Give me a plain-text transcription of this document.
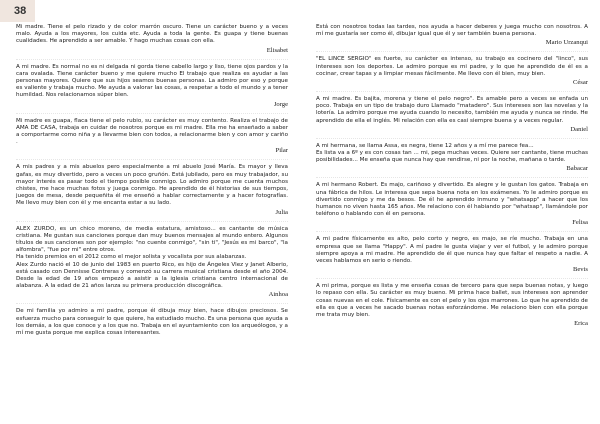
38

Mi madre. Tiene el pelo rizado y de color marrón oscuro. Tiene un carácter bueno y a veces malo. Ayuda a los mayores, los cuida etc. Ayuda a toda la gente. Es guapa y tiene buenas cualidades. He aprendido a ser amable. Y hago muchas cosas con ella.

Elisabet

A mi madre. Es normal no es ni delgada ni gorda tiene cabello largo y liso, tiene ojos pardos y la cara ovalada. Tiene carácter bueno y me quiere mucho El trabajo que realiza es ayudar a las personas mayores. Quiere que sus hijos seamos buenas personas. La admiro por eso y porque es valiente y trabaja mucho. Me ayuda a valorar las cosas, a respetar a todo el mundo y a tener humildad. Nos relacionamos súper bien.

Jorge

Mi madre es guapa, flaca tiene el pelo rubio, su carácter es muy contento. Realiza el trabajo de AMA DE CASA, trabaja en cuidar de nosotros porque es mi madre. Ella me ha enseñado a saber a comportarme como niña y a llevarme bien con todos, a relacionarme bien y con amor y cariño .

Pilar

A mis padres y a mis abuelos pero especialmente a mi abuelo José María. Es mayor y lleva gafas, es muy divertido, pero a veces un poco gruñón. Está jubilado, pero es muy trabajador, su mayor interés es pasar todo el tiempo posible conmigo. Lo admiro porque me cuenta muchos chistes, me hace muchas fotos y juega conmigo. He aprendido de él historias de sus tiempos, juegos de mesa, desde pequeñita él me enseñó a hablar correctamente y a hacer fotografías. Me llevo muy bien con él y me encanta estar a su lado.

Julia

ALEX ZURDO, es un chico moreno, de media estatura, amistoso... es cantante de música cristiana. Me gustan sus canciones porque dan muy buenos mensajes al mundo entero. Algunos títulos de sus canciones son por ejemplo: "no cuente conmigo", "sin ti", "Jesús es mi barco", "la alfombra", "fue por mi" entre otros.
Ha tenido premios en el 2012 como el mejor solista y vocalista por sus alabanzas.
Alex Zurdo nació el 10 de junio del 1983 en puerto Rico, es hijo de Ángeles Vlez y Janet Alberio, está casado con Dennisse Contreras y comenzó su carrera musical cristiana desde el año 2004. Desde la edad de 19 años empezó a asistir a la iglesia cristiana centro internacional de alabanza. A la edad de 21 años lanza su primera producción discográfica.

Ainhoa

De mi familia yo admiro a mi padre, porque él dibuja muy bien, hace dibujos preciosos. Se esfuerza mucho para conseguir lo que quiere, ha estudiado mucho. Es una persona que ayuda a los demás, a los que conoce y a los que no. Trabaja en el ayuntamiento con los arqueólogos, y a mí me gusta porque me explica cosas interesantes.

Está con nosotros todas las tardes, nos ayuda a hacer deberes y juega mucho con nosotros. A mí me gustaría ser como él, dibujar igual que él y ser también buena persona.

Mario Urzanqui

"EL LINCE SERGIO" es fuerte, su carácter es intenso, su trabajo es cocinero del "linco", sus intereses son los deportes. Le admiro porque es mi padre, y lo que he aprendido de él es a cocinar, crear tapas y a limpiar mesas fácilmente. Me llevo con él bien, muy bien.

César

A mi madre. Es bajita, morena y tiene el pelo negro". Es amable pero a veces se enfada un poco. Trabaja en un tipo de trabajo duro Llamado "matadero". Sus intereses son las novelas y la lotería. La admiro porque me ayuda cuando lo necesito, también me ayuda y nunca se rinde. He aprendido de ella el inglés. Mi relación con ella es casi siempre buena y a veces regular.

Daniel

A mi hermana, se llama Assa, es negra, tiene 12 años y a mí me parece fea...
Es lista va a 6º y es con cosas tan ... mi, pega muchas veces. Quiere ser cantante, tiene muchas posibilidades... Me enseña que nunca hay que rendirse, ni por la noche, mañana o tarde.

Babacar

A mi hermano Robert. Es majo, cariñoso y divertido. Es alegre y le gustan los gatos. Trabaja en una fábrica de hilos. Le interesa que sepa buena nota en los exámenes. Yo le admiro porque es divertido conmigo y me da besos. De él he aprendido inmuno y "whatsapp" a hacer que los humanos no viven hasta 165 años. Me relaciono con él habiando por "whatsap", llamándole por teléfono o hablando con él en persona.

Felisa

A mi padre físicamente es alto, pelo corto y negro, es majo, se ríe mucho. Trabaja en una empresa que se llama "Happy". A mí padre le gusta viajar y ver el futbol, y le admiro porque siempre apoya a mi madre. He aprendido de él que nunca hay que faltar el respeto a nadie. A veces hablamos en serio o riendo.

Bevis

A mi prima, porque es lista y me enseña cosas de tercero para que sepa buenas notas, y luego lo repaso con ella. Su carácter es muy bueno. Mi prima hace ballet, sus intereses son aprender cosas nuevas en el cole. Físicamente es con el pelo y los ojos marrones. Lo que he aprendido de ella es que a veces he sacado buenas notas esforzándome. Me relaciono bien con ella porque me trata muy bien.

Erica
